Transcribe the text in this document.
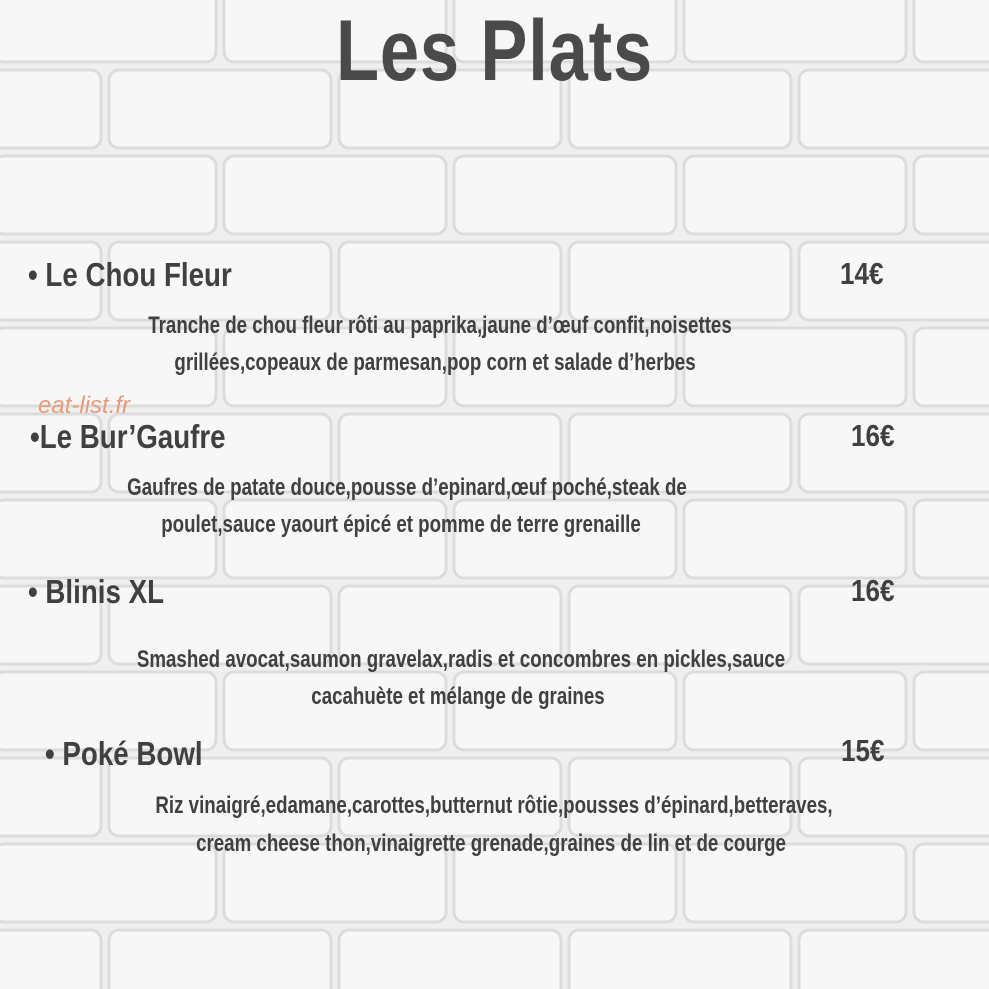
Les Plats
eat-list.fr
• Le Chou Fleur	14€
Tranche de chou fleur rôti au paprika,jaune d’œuf confit,noisettes
grillées,copeaux de parmesan,pop corn et salade d’herbes
•Le Bur’Gaufre	16€
Gaufres de patate douce,pousse d’epinard,œuf poché,steak de
poulet,sauce yaourt épicé et pomme de terre grenaille
• Blinis XL	16€
Smashed avocat,saumon gravelax,radis et concombres en pickles,sauce
cacahuète et mélange de graines
• Poké Bowl	15€
Riz vinaigré,edamane,carottes,butternut rôtie,pousses d’épinard,betteraves,
cream cheese thon,vinaigrette grenade,graines de lin et de courge
